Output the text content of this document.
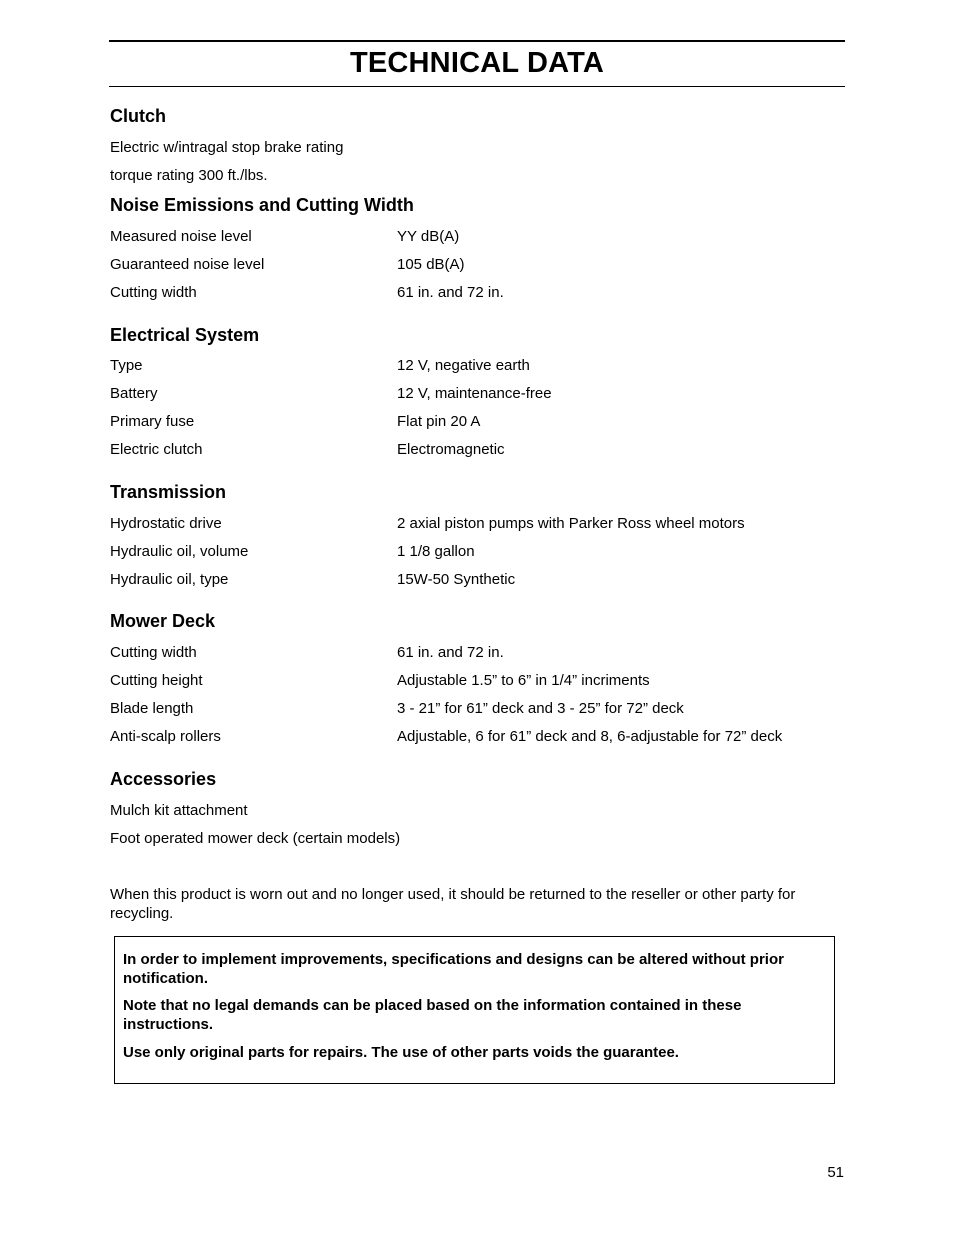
TECHNICAL DATA
Clutch
Electric w/intragal stop brake rating
torque rating 300 ft./lbs.
Noise Emissions and Cutting Width
Measured noise level	YY dB(A)
Guaranteed noise level	105 dB(A)
Cutting width	61 in. and 72 in.
Electrical System
Type	12 V, negative earth
Battery	12 V, maintenance-free
Primary fuse	Flat pin 20 A
Electric clutch	Electromagnetic
Transmission
Hydrostatic drive	2 axial piston pumps with Parker Ross wheel motors
Hydraulic oil, volume	1 1/8 gallon
Hydraulic oil, type	15W-50 Synthetic
Mower Deck
Cutting width	61 in. and 72 in.
Cutting height	Adjustable 1.5” to 6” in 1/4” incriments
Blade length	3 - 21” for 61” deck and 3 - 25” for 72” deck
Anti-scalp rollers	Adjustable, 6 for 61” deck and 8, 6-adjustable for 72” deck
Accessories
Mulch kit attachment
Foot operated mower deck (certain models)
When this product is worn out and no longer used, it should be returned to the reseller or other party for recycling.
In order to implement improvements, specifications and designs can be altered without prior notification.
Note that no legal demands can be placed based on the information contained in these instructions.
Use only original parts for repairs. The use of other parts voids the guarantee.
51
